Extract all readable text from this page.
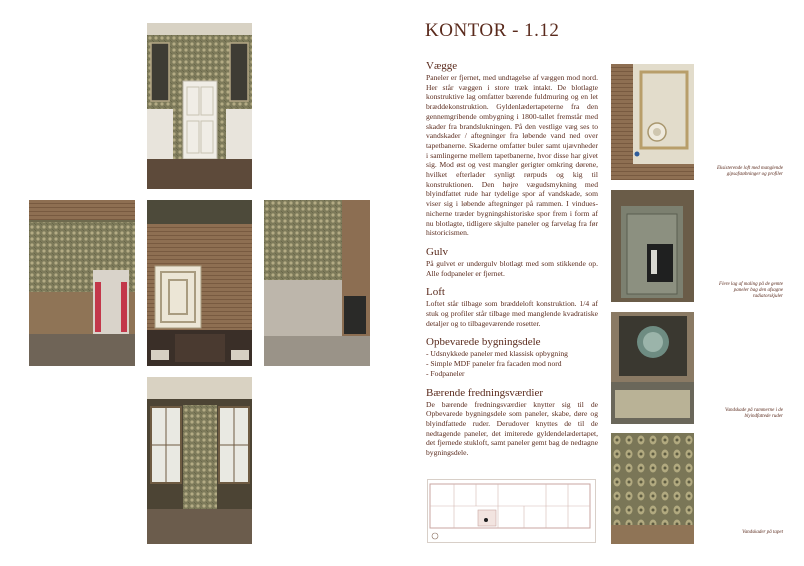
KONTOR - 1.12
Vægge

Paneler er fjernet, med undtagelse af væggen mod nord. Her står væggen i store træk intakt. De blotlagte konstruktive lag omfatter bærende fuldmuring og en let bræddekonstruktion. Gyldenlædertapeterne fra den gennemgribende ombygning i 1800-tallet fremstår med skader fra brandslukningen. På den vestlige væg ses to vandskader / aftegninger fra løbende vand ned over tapetbanerne. Skaderne omfatter buler samt ujævnheder i samlingerne mellem tapetbanerne, hvor disse har givet sig. Mod øst og vest mangler gerigter omkring dørene, hvilket efterlader synligt rørpuds og kig til konstruktionen. Den højre vægudsmykning med blyindfattet rude har tydelige spor af vandskade, som viser sig i løbende aftegninger på rammen. I vinduesnicherne træder bygningshistoriske spor frem i form af nu blotlagte, tidligere skjulte paneler og farvelag fra før historicismen.

Gulv

På gulvet er undergulv blotlagt med som stikkende op. Alle fodpaneler er fjernet.

Loft

Loftet står tilbage som bræddeloft konstruktion. 1/4 af stuk og profiler står tilbage med manglende kvadratiske detaljer og to tilbageværende rosetter.

Opbevarede bygningsdele
- Udsnykkede paneler med klassisk opbygning
- Simple MDF paneler fra facaden mod nord
- Fodpaneler
Bærende fredningsværdier

De bærende fredningsværdier knytter sig til de Opbevarede bygningsdele som paneler, skabe, døre og blyindfattede ruder. Derudover knyttes de til de nedtagende paneler, det imiterede gyldendelædertapet, det fjernede stukloft, samt paneler gemt bag de nedtagne bygningsdele.

Eksisterende loft med manglende gipsafstøbninger og profiler
Flere lag af maling på de gemte paneler bag den afsagne radiatorskjuler
Vandskade på rammerne i de blyindfattede ruder
Vandskader på tapet
